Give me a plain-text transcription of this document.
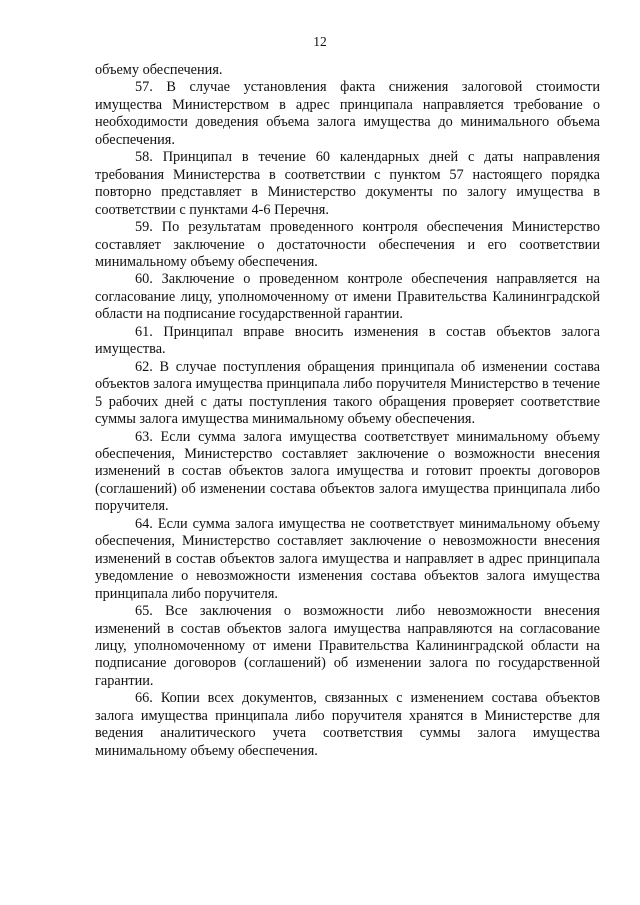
12

объему обеспечения.

57. В случае установления факта снижения залоговой стоимости имущества Министерством в адрес принципала направляется требование о необходимости доведения объема залога имущества до минимального объема обеспечения.

58. Принципал в течение 60 календарных дней с даты направления требования Министерства в соответствии с пунктом 57 настоящего порядка повторно представляет в Министерство документы по залогу имущества в соответствии с пунктами 4-6 Перечня.

59. По результатам проведенного контроля обеспечения Министерство составляет заключение о достаточности обеспечения и его соответствии минимальному объему обеспечения.

60. Заключение о проведенном контроле обеспечения направляется на согласование лицу, уполномоченному от имени Правительства Калининградской области на подписание государственной гарантии.

61. Принципал вправе вносить изменения в состав объектов залога имущества.

62. В случае поступления обращения принципала об изменении состава объектов залога имущества принципала либо поручителя Министерство в течение 5 рабочих дней с даты поступления такого обращения проверяет соответствие суммы залога имущества минимальному объему обеспечения.

63. Если сумма залога имущества соответствует минимальному объему обеспечения, Министерство составляет заключение о возможности внесения изменений в состав объектов залога имущества и готовит проекты договоров (соглашений) об изменении состава объектов залога имущества принципала либо поручителя.

64. Если сумма залога имущества не соответствует минимальному объему обеспечения, Министерство составляет заключение о невозможности внесения изменений в состав объектов залога имущества и направляет в адрес принципала уведомление о невозможности изменения состава объектов залога имущества принципала либо поручителя.

65. Все заключения о возможности либо невозможности внесения изменений в состав объектов залога имущества направляются на согласование лицу, уполномоченному от имени Правительства Калининградской области на подписание договоров (соглашений) об изменении залога по государственной гарантии.

66. Копии всех документов, связанных с изменением состава объектов залога имущества принципала либо поручителя хранятся в Министерстве для ведения аналитического учета соответствия суммы залога имущества минимальному объему обеспечения.
